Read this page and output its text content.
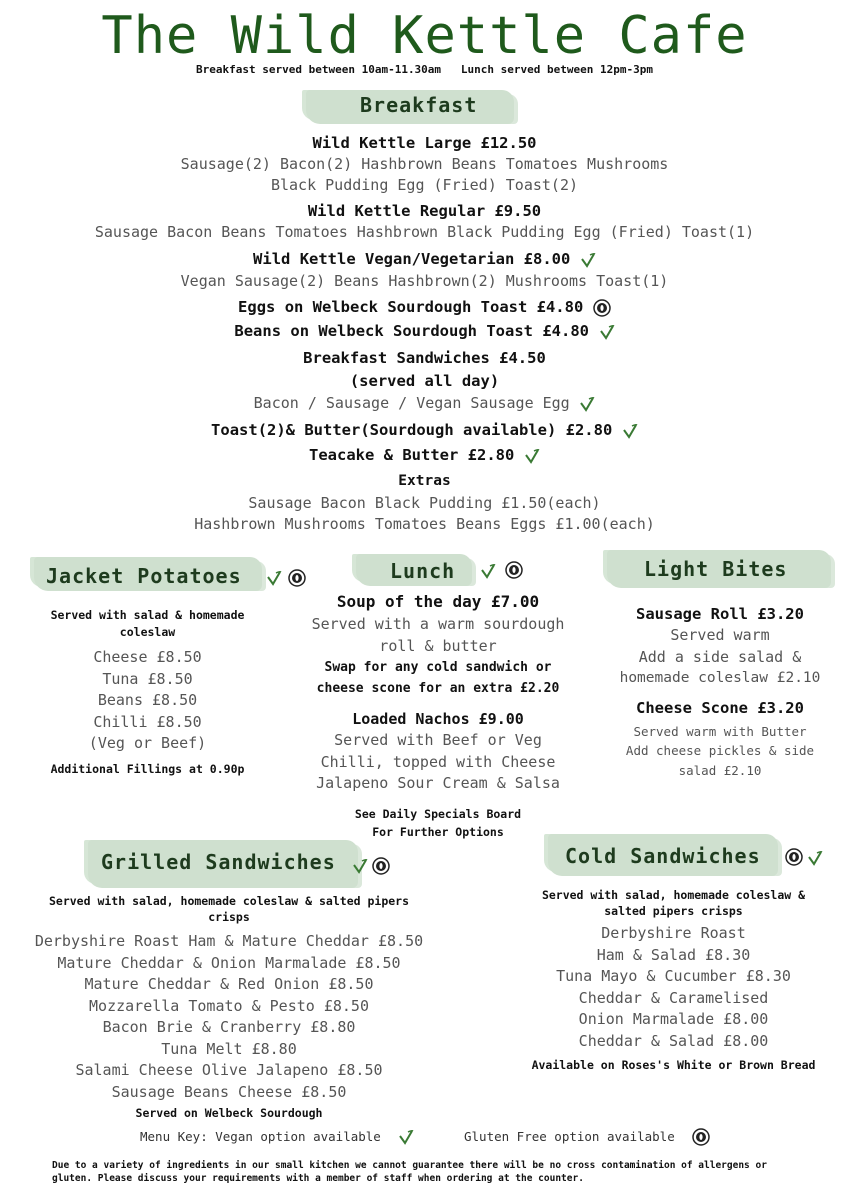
The Wild Kettle Cafe
Breakfast served between 10am-11.30am   Lunch served between 12pm-3pm
Breakfast
Wild Kettle Large £12.50
Sausage(2) Bacon(2) Hashbrown Beans Tomatoes Mushrooms
Black Pudding Egg (Fried) Toast(2)
Wild Kettle Regular £9.50
Sausage Bacon Beans Tomatoes Hashbrown Black Pudding Egg (Fried) Toast(1)
Wild Kettle Vegan/Vegetarian £8.00
Vegan Sausage(2) Beans Hashbrown(2) Mushrooms Toast(1)
Eggs on Welbeck Sourdough Toast £4.80
Beans on Welbeck Sourdough Toast £4.80
Breakfast Sandwiches £4.50
(served all day)
Bacon / Sausage / Vegan Sausage Egg
Toast(2)& Butter(Sourdough available) £2.80
Teacake & Butter £2.80
Extras
Sausage Bacon Black Pudding £1.50(each)
Hashbrown Mushrooms Tomatoes Beans Eggs £1.00(each)
Jacket Potatoes
Served with salad & homemade coleslaw
Cheese £8.50
Tuna £8.50
Beans £8.50
Chilli £8.50
(Veg or Beef)
Additional Fillings at 0.90p
Lunch
Soup of the day £7.00
Served with a warm sourdough
roll & butter
Swap for any cold sandwich or
cheese scone for an extra £2.20
Loaded Nachos £9.00
Served with Beef or Veg
Chilli, topped with Cheese
Jalapeno Sour Cream & Salsa
See Daily Specials Board
For Further Options
Light Bites
Sausage Roll £3.20
Served warm
Add a side salad &
homemade coleslaw £2.10
Cheese Scone £3.20
Served warm with Butter
Add cheese pickles & side
salad £2.10
Grilled Sandwiches
Served with salad, homemade coleslaw & salted pipers
crisps
Derbyshire Roast Ham & Mature Cheddar £8.50
Mature Cheddar & Onion Marmalade £8.50
Mature Cheddar & Red Onion £8.50
Mozzarella Tomato & Pesto £8.50
Bacon Brie & Cranberry £8.80
Tuna Melt £8.80
Salami Cheese Olive Jalapeno £8.50
Sausage Beans Cheese £8.50
Served on Welbeck Sourdough
Cold Sandwiches
Served with salad, homemade coleslaw &
salted pipers crisps
Derbyshire Roast
Ham & Salad £8.30
Tuna Mayo & Cucumber £8.30
Cheddar & Caramelised
Onion Marmalade £8.00
Cheddar & Salad £8.00
Available on Roses's White or Brown Bread
Menu Key: Vegan option available	Gluten Free option available
Due to a variety of ingredients in our small kitchen we cannot guarantee there will be no cross contamination of allergens or
gluten. Please discuss your requirements with a member of staff when ordering at the counter.
